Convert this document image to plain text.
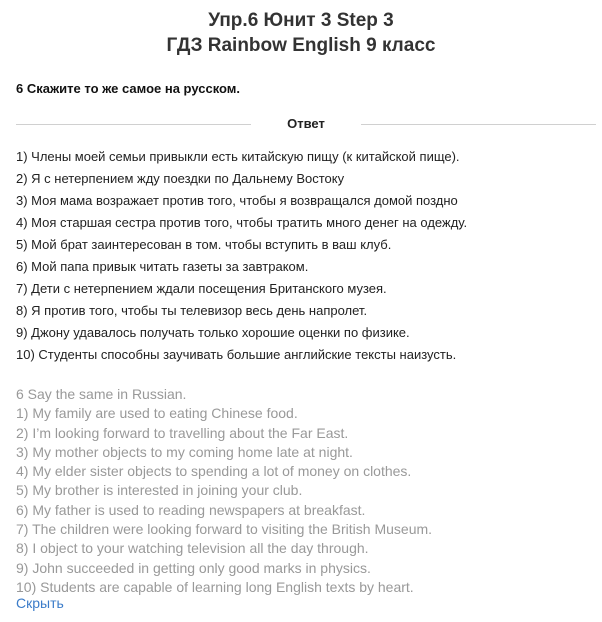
Упр.6 Юнит 3 Step 3
ГДЗ Rainbow English 9 класс
6 Скажите то же самое на русском.
Ответ
1) Члены моей семьи привыкли есть китайскую пищу (к китайской пище).
2) Я с нетерпением жду поездки по Дальнему Востоку
3) Моя мама возражает против того, чтобы я возвращался домой поздно
4) Моя старшая сестра против того, чтобы тратить много денег на одежду.
5) Мой брат заинтересован в том. чтобы вступить в ваш клуб.
6) Мой папа привык читать газеты за завтраком.
7) Дети с нетерпением ждали посещения Британского музея.
8) Я против того, чтобы ты телевизор весь день напролет.
9) Джону удавалось получать только хорошие оценки по физике.
10) Студенты способны заучивать большие английские тексты наизусть.
6 Say the same in Russian.
1) My family are used to eating Chinese food.
2) I’m looking forward to travelling about the Far East.
3) My mother objects to my coming home late at night.
4) My elder sister objects to spending a lot of money on clothes.
5) My brother is interested in joining your club.
6) My father is used to reading newspapers at breakfast.
7) The children were looking forward to visiting the British Museum.
8) I object to your watching television all the day through.
9) John succeeded in getting only good marks in physics.
10) Students are capable of learning long English texts by heart.
Скрыть
